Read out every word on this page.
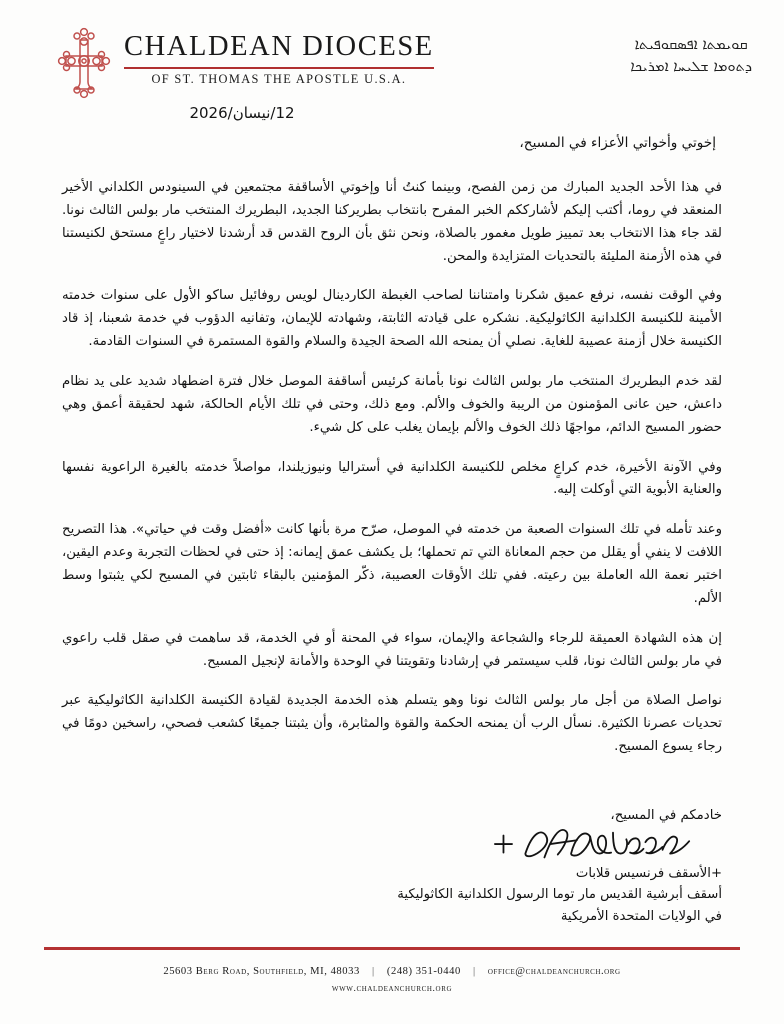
CHALDEAN DIOCESE
OF ST. THOMAS THE APOSTLE U.S.A.
ܩܘܝܡܬܐ ܐܦܣܩܘܦܝܬܐ
ܕܬܘܡܐ ܫܠܝܚܐ ܐܡܪܝܟܐ
12/نيسان/2026
إخوتي وأخواتي الأعزاء في المسيح،

في هذا الأحد الجديد المبارك من زمن الفصح، وبينما كنتُ أنا وإخوتي الأساقفة مجتمعين في السينودس الكلداني الأخير المنعقد في روما، أكتب إليكم لأشارككم الخبر المفرح بانتخاب بطريركنا الجديد، البطريرك المنتخب مار بولس الثالث نونا. لقد جاء هذا الانتخاب بعد تمييز طويل مغمور بالصلاة، ونحن نثق بأن الروح القدس قد أرشدنا لاختيار راعٍ مستحق لكنيستنا في هذه الأزمنة المليئة بالتحديات المتزايدة والمحن.

وفي الوقت نفسه، نرفع عميق شكرنا وامتناننا لصاحب الغبطة الكاردينال لويس روفائيل ساكو الأول على سنوات خدمته الأمينة للكنيسة الكلدانية الكاثوليكية. نشكره على قيادته الثابتة، وشهادته للإيمان، وتفانيه الدؤوب في خدمة شعبنا، إذ قاد الكنيسة خلال أزمنة عصيبة للغاية. نصلي أن يمنحه الله الصحة الجيدة والسلام والقوة المستمرة في السنوات القادمة.

لقد خدم البطريرك المنتخب مار بولس الثالث نونا بأمانة كرئيس أساقفة الموصل خلال فترة اضطهاد شديد على يد نظام داعش، حين عانى المؤمنون من الريبة والخوف والألم. ومع ذلك، وحتى في تلك الأيام الحالكة، شهد لحقيقة أعمق وهي حضور المسيح الدائم، مواجهًا ذلك الخوف والألم بإيمان يغلب على كل شيء.

وفي الآونة الأخيرة، خدم كراعٍ مخلص للكنيسة الكلدانية في أستراليا ونيوزيلندا، مواصلاً خدمته بالغيرة الراعوية نفسها والعناية الأبوية التي أوكلت إليه.

وعند تأمله في تلك السنوات الصعبة من خدمته في الموصل، صرّح مرة بأنها كانت «أفضل وقت في حياتي». هذا التصريح اللافت لا ينفي أو يقلل من حجم المعاناة التي تم تحملها؛ بل يكشف عمق إيمانه: إذ حتى في لحظات التجربة وعدم اليقين، اختبر نعمة الله العاملة بين رعيته. ففي تلك الأوقات العصيبة، ذكّر المؤمنين بالبقاء ثابتين في المسيح لكي يثبتوا وسط الألم.

إن هذه الشهادة العميقة للرجاء والشجاعة والإيمان، سواء في المحنة أو في الخدمة، قد ساهمت في صقل قلب راعوي في مار بولس الثالث نونا، قلب سيستمر في إرشادنا وتقويتنا في الوحدة والأمانة لإنجيل المسيح.

نواصل الصلاة من أجل مار بولس الثالث نونا وهو يتسلم هذه الخدمة الجديدة لقيادة الكنيسة الكلدانية الكاثوليكية عبر تحديات عصرنا الكثيرة. نسأل الرب أن يمنحه الحكمة والقوة والمثابرة، وأن يثبتنا جميعًا كشعب فصحي، راسخين دومًا في رجاء يسوع المسيح.

خادمكم في المسيح،
+الأسقف فرنسيس قلابات
أسقف أبرشية القديس مار توما الرسول الكلدانية الكاثوليكية
في الولايات المتحدة الأمريكية
25603 Berg Road, Southfield, MI, 48033 | (248) 351-0440 | office@chaldeanchurch.org
www.chaldeanchurch.org
